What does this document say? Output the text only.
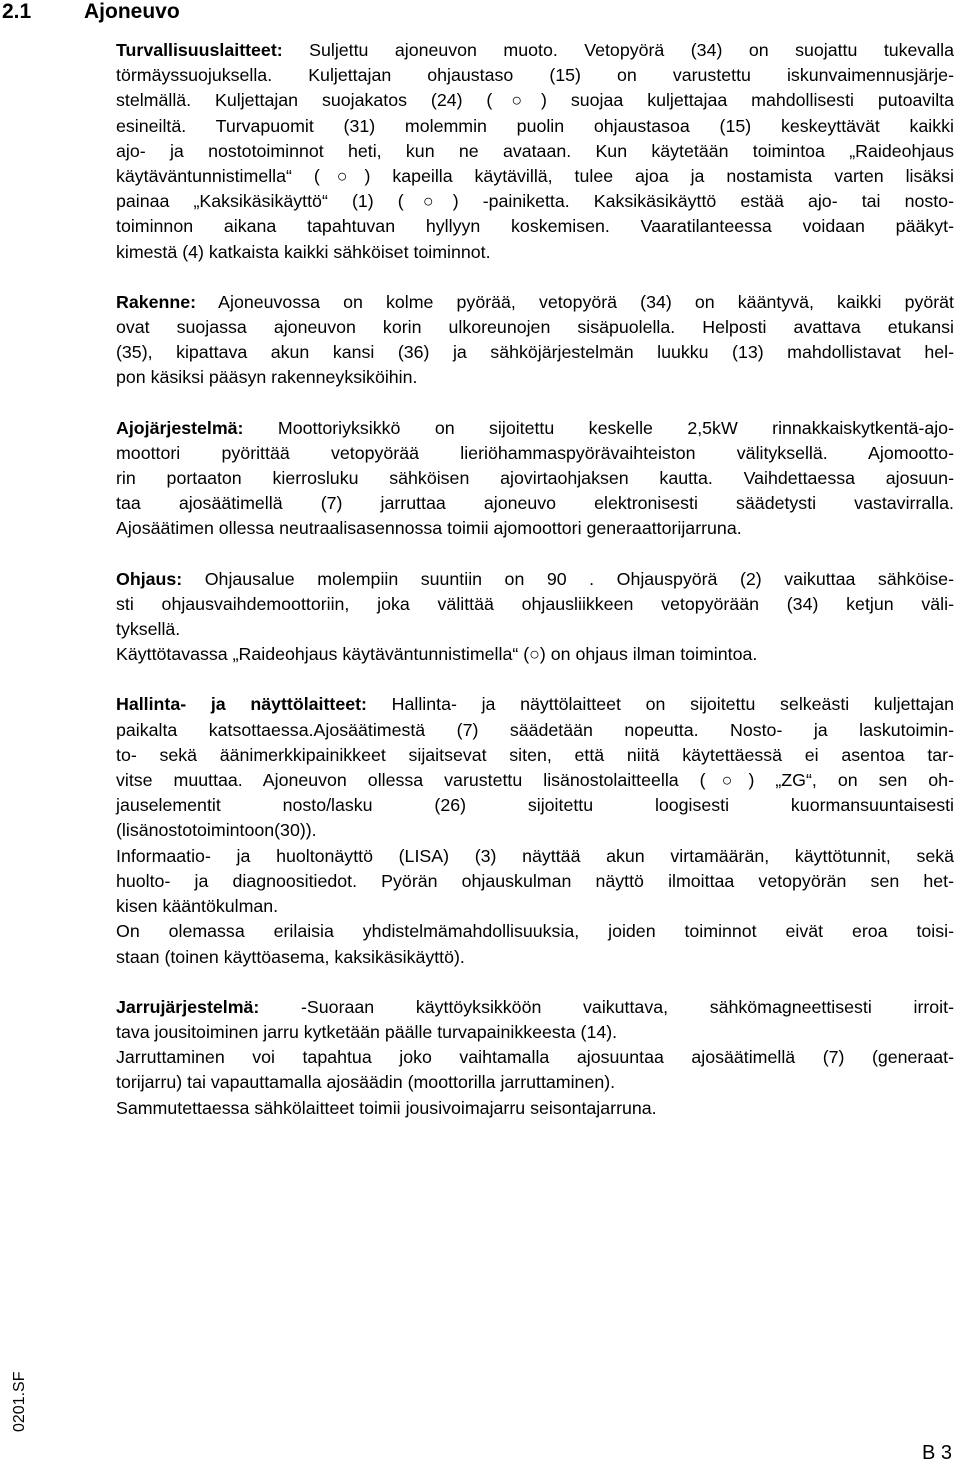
2.1	Ajoneuvo
Turvallisuuslaitteet: Suljettu ajoneuvon muoto. Vetopyörä (34) on suojattu tukevalla
törmäyssuojuksella. Kuljettajan ohjaustaso (15) on varustettu iskunvaimennusjärje-
stelmällä. Kuljettajan suojakatos (24) (○) suojaa kuljettajaa mahdollisesti putoavilta
esineiltä. Turvapuomit (31) molemmin puolin ohjaustasoa (15) keskeyttävät kaikki
ajo- ja nostotoiminnot heti, kun ne avataan. Kun käytetään toimintoa „Raideohjaus
käytäväntunnistimella“ (○) kapeilla käytävillä, tulee ajoa ja nostamista varten lisäksi
painaa „Kaksikäsikäyttö“ (1) (○) -painiketta. Kaksikäsikäyttö estää ajo- tai nosto-
toiminnon aikana tapahtuvan hyllyyn koskemisen. Vaaratilanteessa voidaan pääkyt-
kimestä (4) katkaista kaikki sähköiset toiminnot.
Rakenne: Ajoneuvossa on kolme pyörää, vetopyörä (34) on kääntyvä, kaikki pyörät
ovat suojassa ajoneuvon korin ulkoreunojen sisäpuolella. Helposti avattava etukansi
(35), kipattava akun kansi (36) ja sähköjärjestelmän luukku (13) mahdollistavat hel-
pon käsiksi pääsyn rakenneyksiköihin.
Ajojärjestelmä: Moottoriyksikkö on sijoitettu keskelle 2,5kW rinnakkaiskytkentä-ajo-
moottori pyörittää vetopyörää lieriöhammaspyörävaihteiston välityksellä. Ajomootto-
rin portaaton kierrosluku sähköisen ajovirtaohjaksen kautta. Vaihdettaessa ajosuun-
taa ajosäätimellä (7) jarruttaa ajoneuvo elektronisesti säädetysti vastavirralla.
Ajosäätimen ollessa neutraalisasennossa toimii ajomoottori generaattorijarruna.
Ohjaus: Ohjausalue molempiin suuntiin on 90 . Ohjauspyörä (2) vaikuttaa sähköise-
sti ohjausvaihdemoottoriin, joka välittää ohjausliikkeen vetopyörään (34) ketjun väli-
tyksellä.
Käyttötavassa „Raideohjaus käytäväntunnistimella“ (○) on ohjaus ilman toimintoa.
Hallinta- ja näyttölaitteet: Hallinta- ja näyttölaitteet on sijoitettu selkeästi kuljettajan
paikalta katsottaessa.Ajosäätimestä (7) säädetään nopeutta. Nosto- ja laskutoimin-
to- sekä äänimerkkipainikkeet sijaitsevat siten, että niitä käytettäessä ei asentoa tar-
vitse muuttaa. Ajoneuvon ollessa varustettu lisänostolaitteella (○) „ZG“, on sen oh-
jauselementit nosto/lasku (26) sijoitettu loogisesti kuormansuuntaisesti
(lisänostotoimintoon(30)).
Informaatio- ja huoltonäyttö (LISA) (3) näyttää akun virtamäärän, käyttötunnit, sekä
huolto- ja diagnoositiedot. Pyörän ohjauskulman näyttö ilmoittaa vetopyörän sen het-
kisen kääntökulman.
On olemassa erilaisia yhdistelmämahdollisuuksia, joiden toiminnot eivät eroa toisi-
staan (toinen käyttöasema, kaksikäsikäyttö).
Jarrujärjestelmä: -Suoraan käyttöyksikköön vaikuttava, sähkömagneettisesti irroit-
tava jousitoiminen jarru kytketään päälle turvapainikkeesta (14).
Jarruttaminen voi tapahtua joko vaihtamalla ajosuuntaa ajosäätimellä (7) (generaat-
torijarru) tai vapauttamalla ajosäädin (moottorilla jarruttaminen).
Sammutettaessa sähkölaitteet toimii jousivoimajarru seisontajarruna.
0201.SF
B 3
